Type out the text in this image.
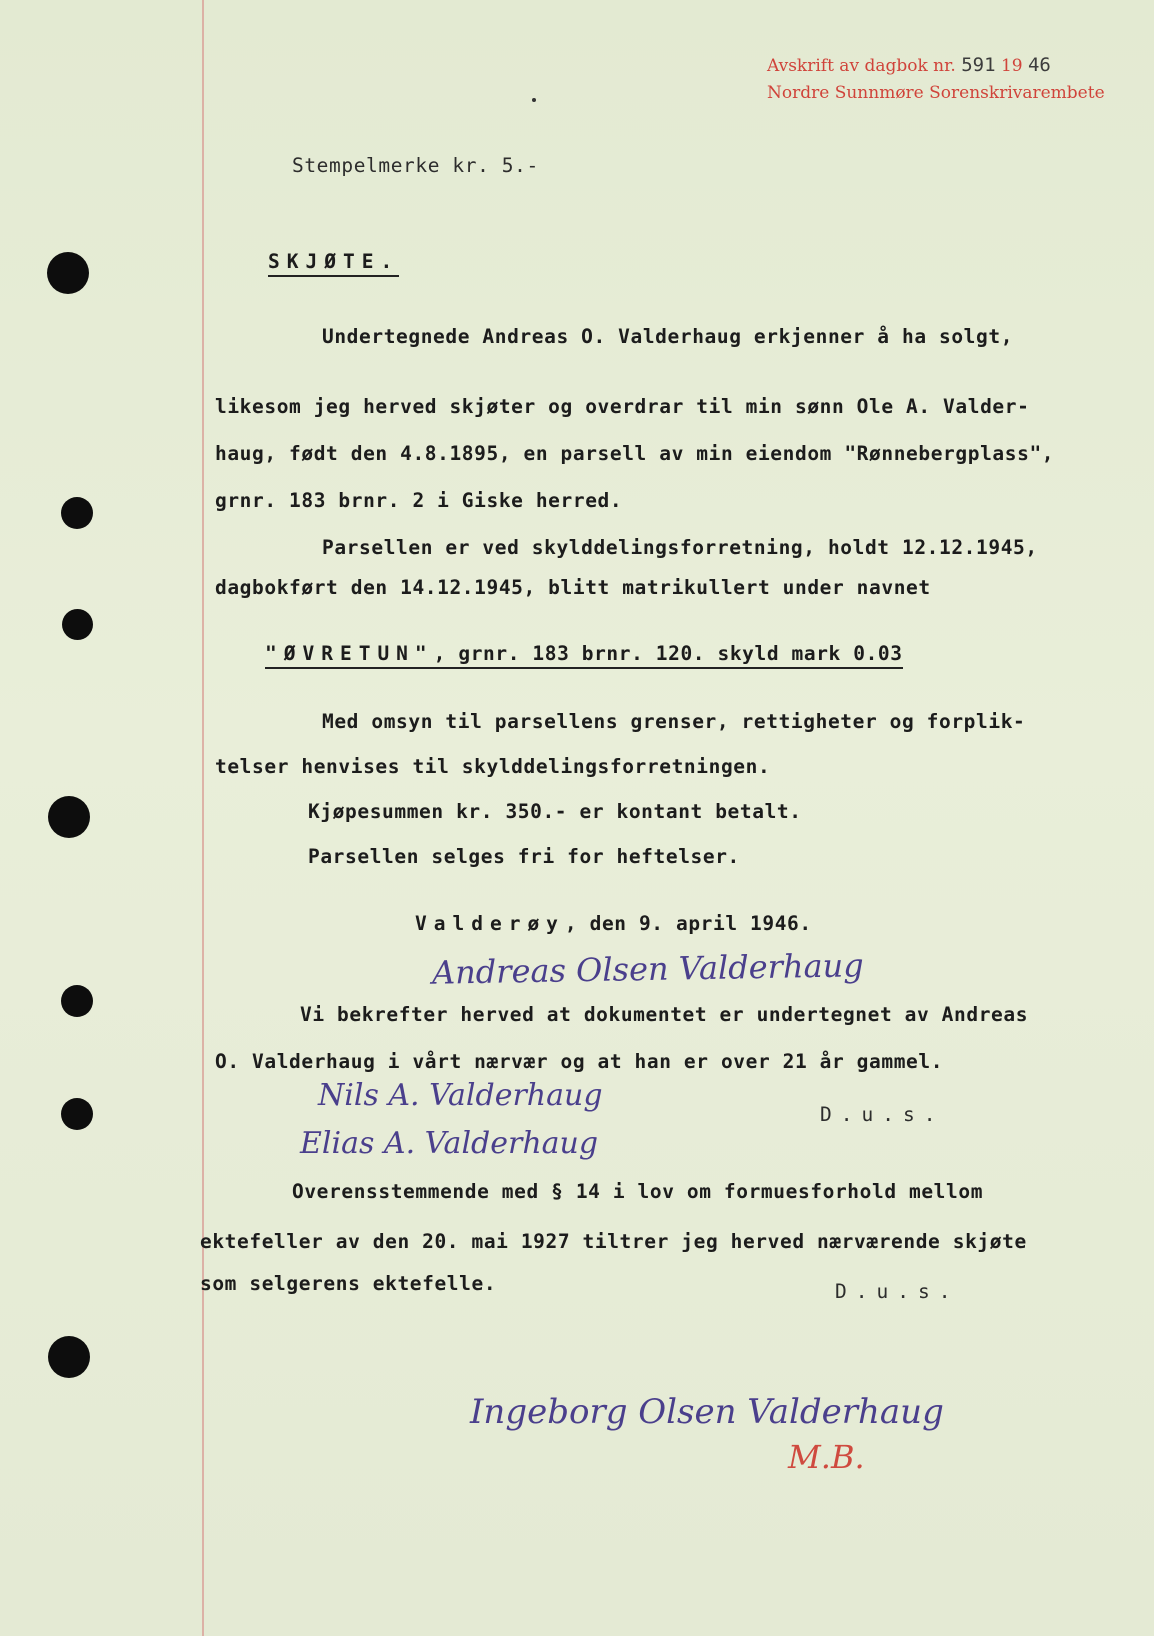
Avskrift av dagbok nr. 591 19 46
Nordre Sunnmøre Sorenskrivarembete
Stempelmerke kr. 5.-
SKJØTE.
Undertegnede Andreas O. Valderhaug erkjenner å ha solgt,
likesom jeg herved skjøter og overdrar til min sønn Ole A. Valder-
haug, født den 4.8.1895, en parsell av min eiendom "Rønnebergplass",
grnr. 183 brnr. 2 i Giske herred.
Parsellen er ved skylddelingsforretning, holdt 12.12.1945,
dagbokført den 14.12.1945, blitt matrikullert under navnet
"ØVRETUN", grnr. 183 brnr. 120. skyld mark 0.03
Med omsyn til parsellens grenser, rettigheter og forplik-
telser henvises til skylddelingsforretningen.
Kjøpesummen kr. 350.- er kontant betalt.
Parsellen selges fri for heftelser.
Valderøy, den 9. april 1946.
Andreas Olsen Valderhaug
Vi bekrefter herved at dokumentet er undertegnet av Andreas
O. Valderhaug i vårt nærvær og at han er over 21 år gammel.
Nils A. Valderhaug
D.u.s.
Elias A. Valderhaug
Overensstemmende med § 14 i lov om formuesforhold mellom
ektefeller av den 20. mai 1927 tiltrer jeg herved nærværende skjøte
som selgerens ektefelle.	D.u.s.
Ingeborg Olsen Valderhaug
M.B.
